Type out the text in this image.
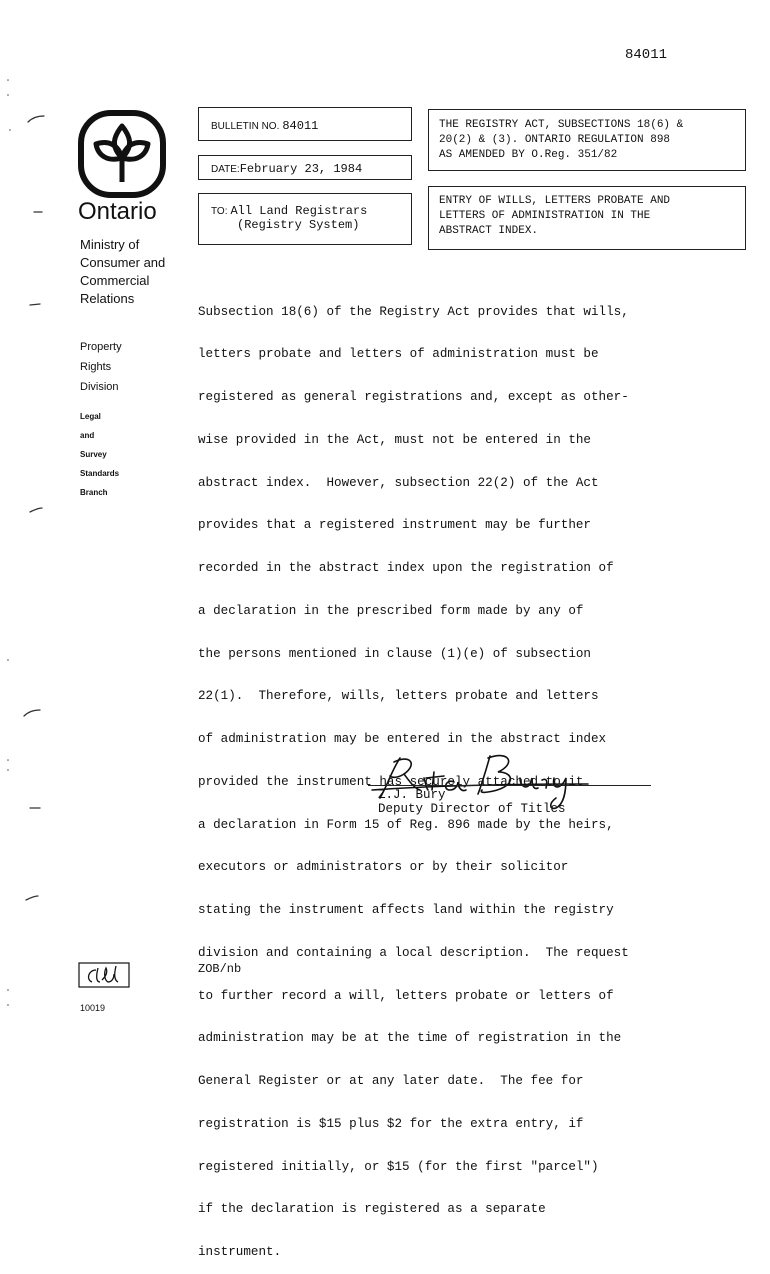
84011
Ontario
Ministry of
Consumer and
Commercial
Relations
Property
Rights
Division
Legal
and
Survey
Standards
Branch
BULLETIN NO. 84011
DATE:February 23, 1984
TO: All Land Registrars
(Registry System)
THE REGISTRY ACT, SUBSECTIONS 18(6) &
20(2) & (3). ONTARIO REGULATION 898
AS AMENDED BY O.Reg. 351/82
ENTRY OF WILLS, LETTERS PROBATE AND
LETTERS OF ADMINISTRATION IN THE
ABSTRACT INDEX.

Subsection 18(6) of the Registry Act provides that wills,

letters probate and letters of administration must be

registered as general registrations and, except as other-

wise provided in the Act, must not be entered in the

abstract index.  However, subsection 22(2) of the Act

provides that a registered instrument may be further

recorded in the abstract index upon the registration of

a declaration in the prescribed form made by any of

the persons mentioned in clause (1)(e) of subsection

22(1).  Therefore, wills, letters probate and letters

of administration may be entered in the abstract index

provided the instrument has securely attached to it

a declaration in Form 15 of Reg. 896 made by the heirs,

executors or administrators or by their solicitor

stating the instrument affects land within the registry

division and containing a local description.  The request

to further record a will, letters probate or letters of

administration may be at the time of registration in the

General Register or at any later date.  The fee for

registration is $15 plus $2 for the extra entry, if

registered initially, or $15 (for the first "parcel")

if the declaration is registered as a separate

instrument.

Z.J. Bury
Deputy Director of Titles
ZOB/nb
10019
